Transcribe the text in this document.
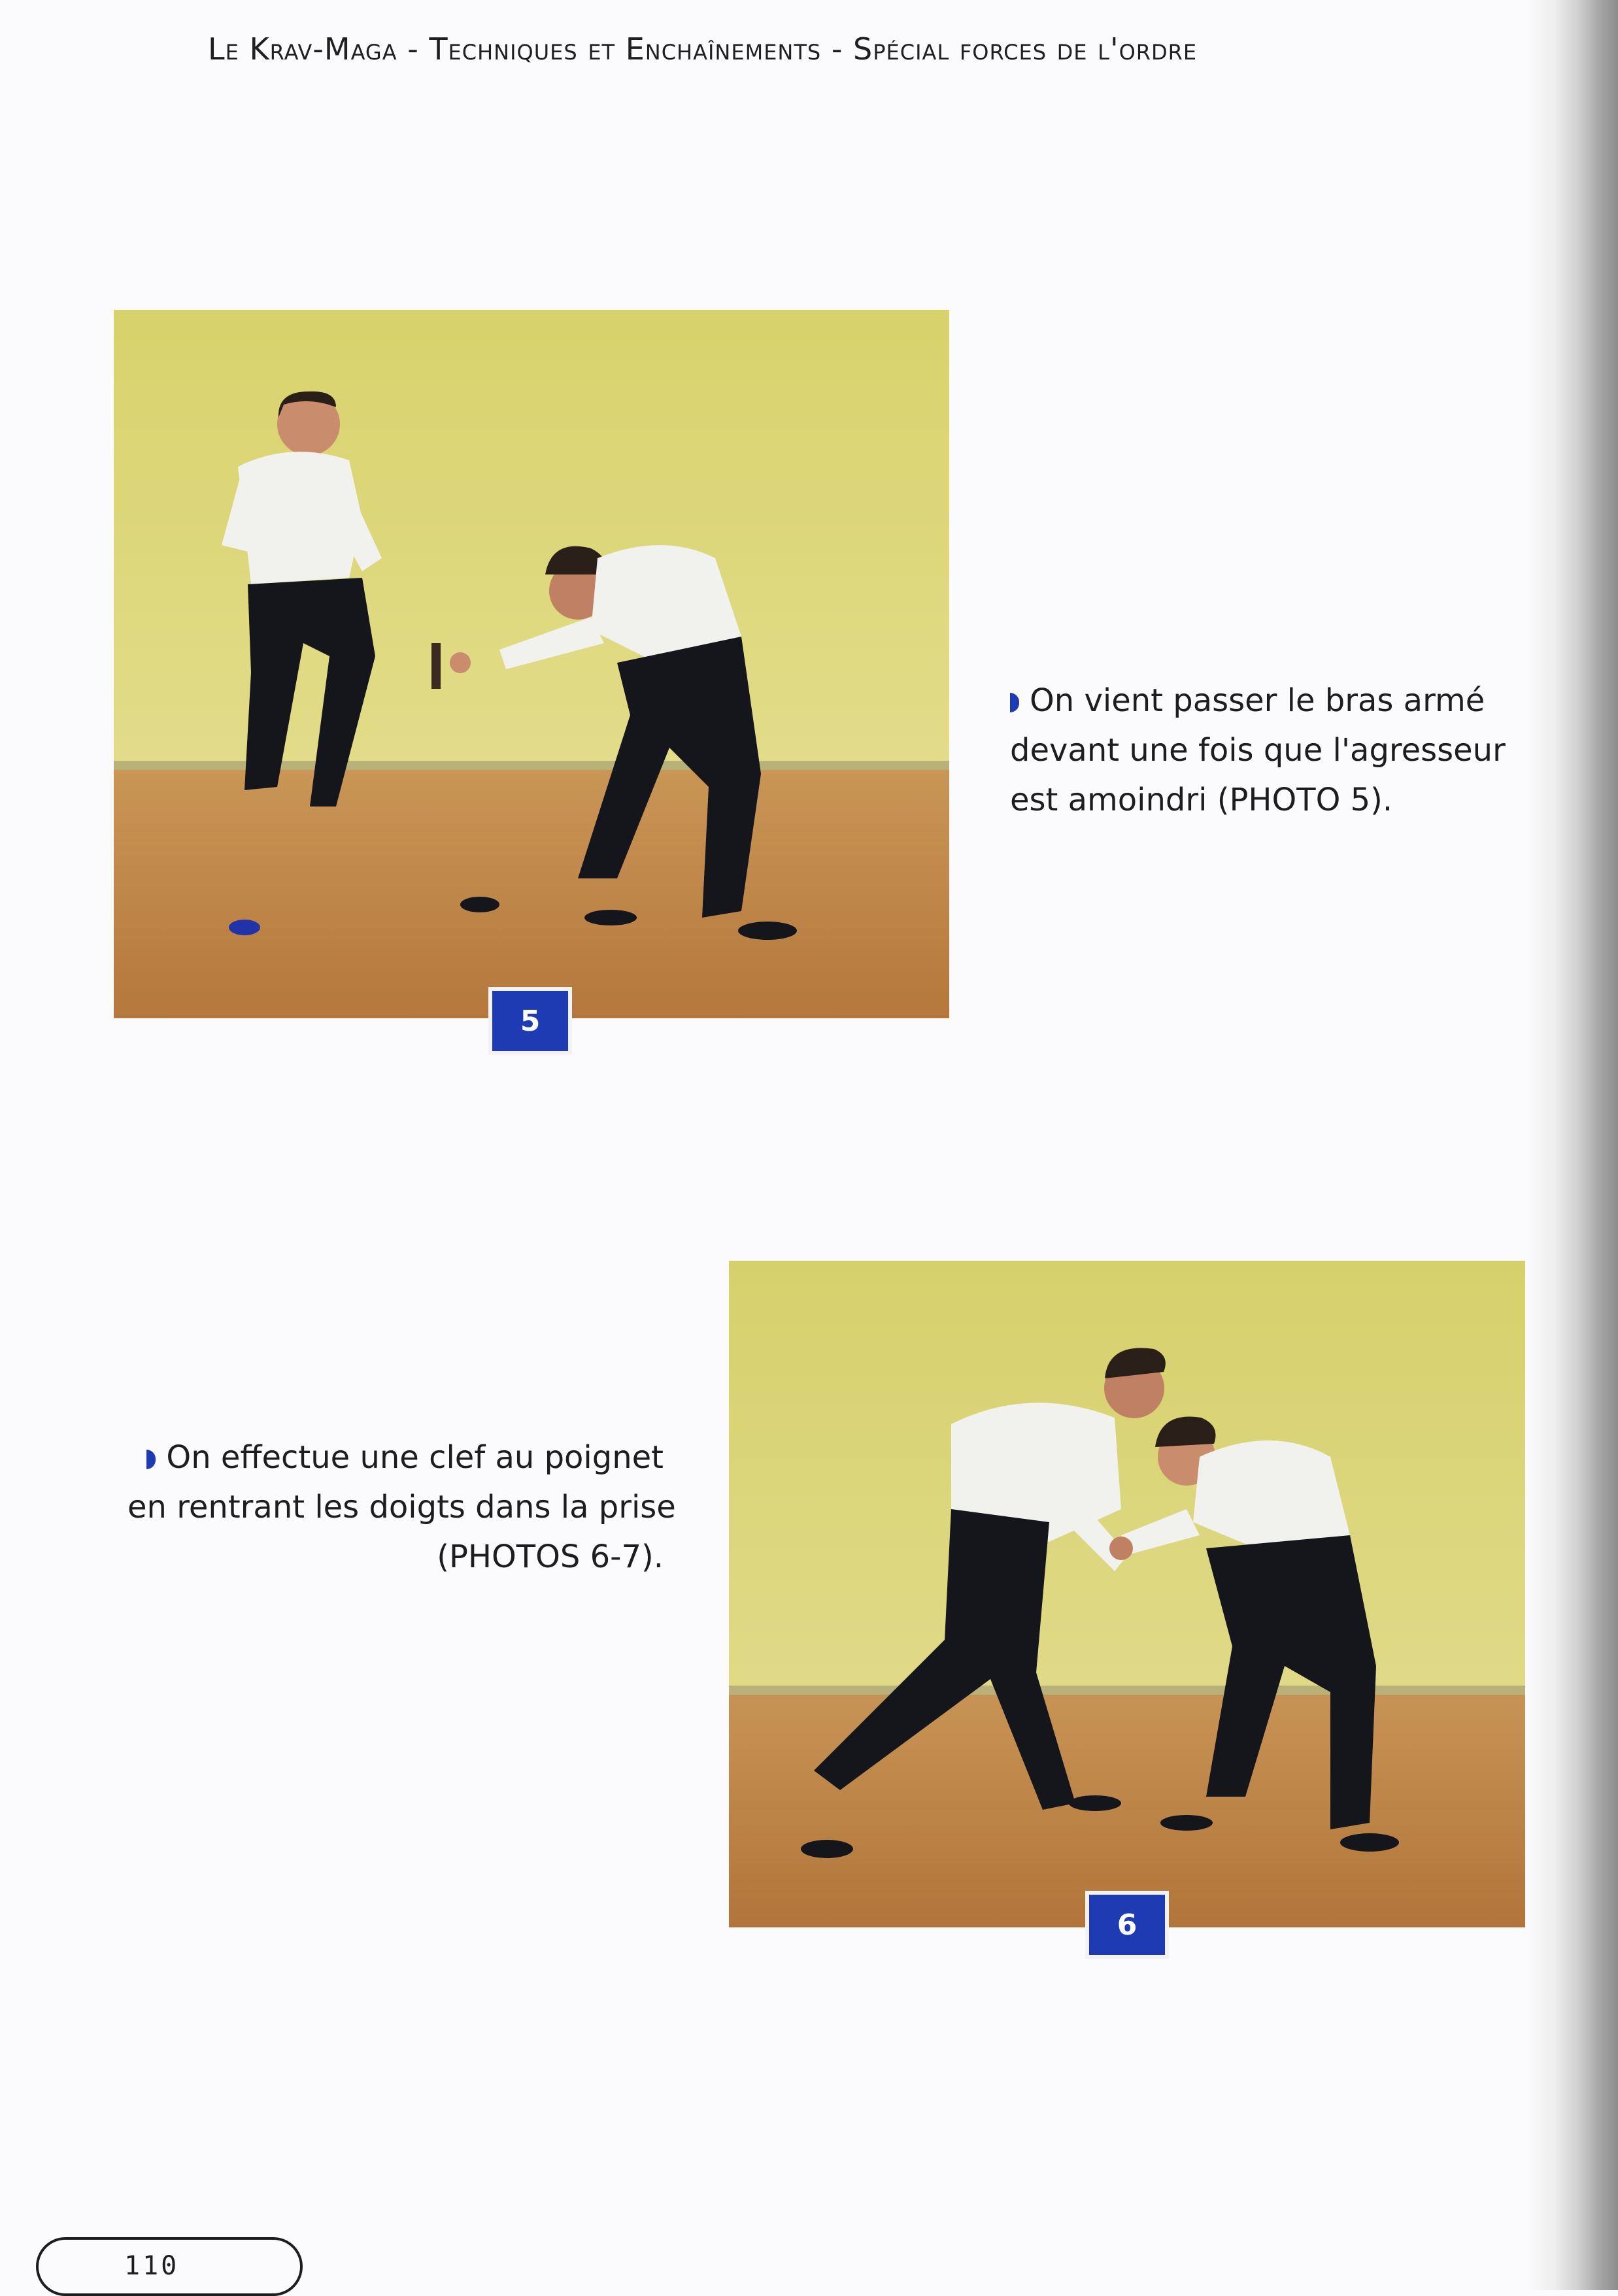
Le Krav-Maga - Techniques et Enchaînements - Spécial forces de l'ordre
5
On vient passer le bras armé
devant une fois que l'agresseur
est amoindri (PHOTO 5).
6
On effectue une clef au poignet
en rentrant les doigts dans la prise
(PHOTOS 6-7).
110
